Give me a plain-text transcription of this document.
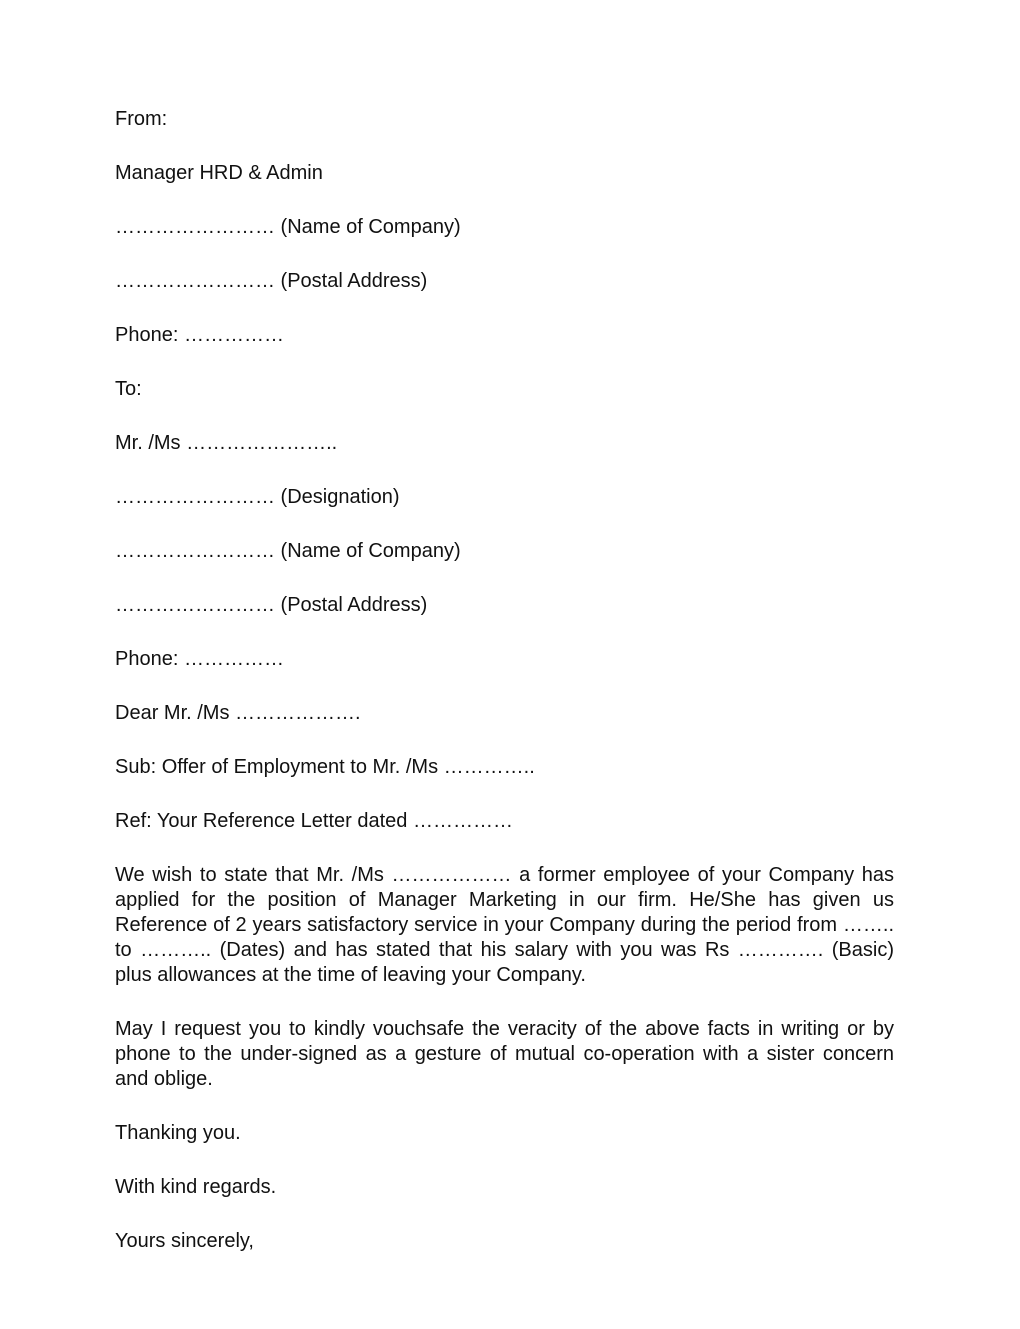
From:

Manager HRD & Admin

…………………… (Name of Company)

…………………… (Postal Address)

Phone: ……………

To:

Mr. /Ms …………………..

…………………… (Designation)

…………………… (Name of Company)

…………………… (Postal Address)

Phone: ……………

Dear Mr. /Ms ……………….

Sub: Offer of Employment to Mr. /Ms …………..

Ref: Your Reference Letter dated ……………

We wish to state that Mr. /Ms ……………… a former employee of your Company has applied for the position of Manager Marketing in our firm. He/She has given us Reference of 2 years satisfactory service in your Company during the period from …….. to ……….. (Dates) and has stated that his salary with you was Rs …………. (Basic) plus allowances at the time of leaving your Company.

May I request you to kindly vouchsafe the veracity of the above facts in writing or by phone to the under-signed as a gesture of mutual co-operation with a sister concern and oblige.

Thanking you.

With kind regards.

Yours sincerely,
